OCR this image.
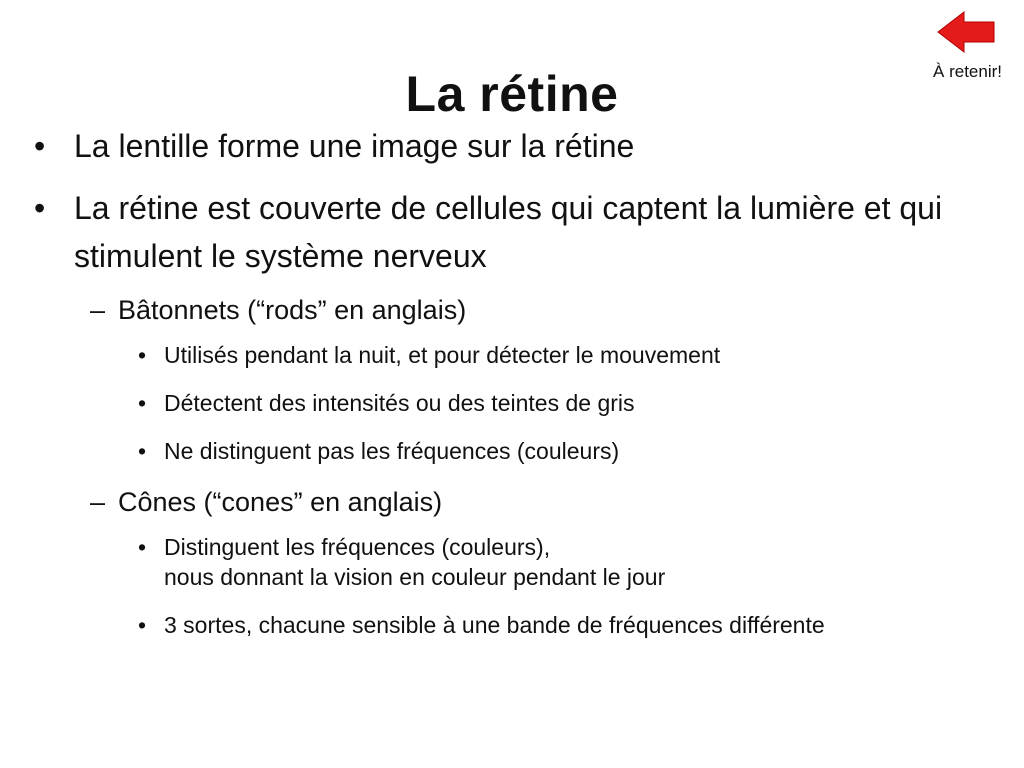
La rétine	À retenir!
• La lentille forme une image sur la rétine
• La rétine est couverte de cellules qui captent la lumière et qui stimulent le système nerveux
– Bâtonnets (“rods” en anglais)
• Utilisés pendant la nuit, et pour détecter le mouvement
• Détectent des intensités ou des teintes de gris
• Ne distinguent pas les fréquences (couleurs)
– Cônes (“cones” en anglais)
• Distinguent les fréquences (couleurs),
nous donnant la vision en couleur pendant le jour
• 3 sortes, chacune sensible à une bande de fréquences différente
